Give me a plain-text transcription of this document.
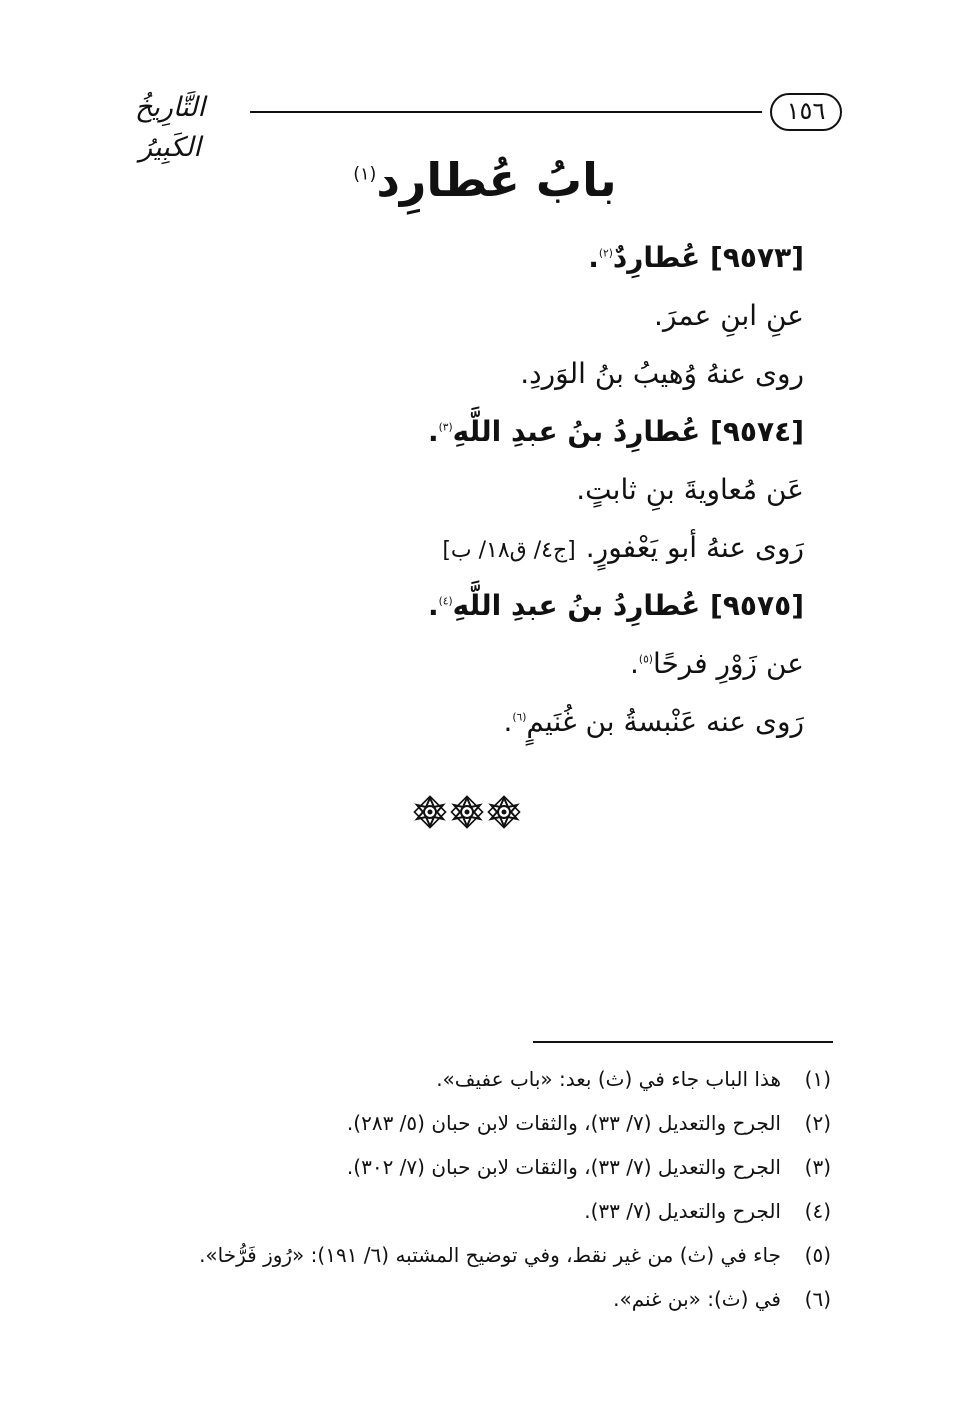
١٥٦
التَّارِيخُ الكَبِيرُ
بابُ عُطارِد$^{(١)}$
[٩٥٧٣] عُطارِدٌ$^{(٢)}$.
عنِ ابنِ عمرَ.
روى عنهُ وُهيبُ بنُ الوَردِ.
[٩٥٧٤] عُطارِدُ بنُ عبدِ اللَّهِ$^{(٣)}$.
عَن مُعاويةَ بنِ ثابتٍ.
رَوى عنهُ أبو يَعْفورٍ.[ج٤/ ق١٨/ ب]
[٩٥٧٥] عُطارِدُ بنُ عبدِ اللَّهِ$^{(٤)}$.
عن زَوْرِ فرحًا$^{(٥)}$.
رَوى عنه عَنْبسةُ بن غُنَيمٍ$^{(٦)}$.
(١)هذا الباب جاء في (ث) بعد: «باب عفيف».
(٢)الجرح والتعديل (٧/ ٣٣)، والثقات لابن حبان (٥/ ٢٨٣).
(٣)الجرح والتعديل (٧/ ٣٣)، والثقات لابن حبان (٧/ ٣٠٢).
(٤)الجرح والتعديل (٧/ ٣٣).
(٥)جاء في (ث) من غير نقط، وفي توضيح المشتبه (٦/ ١٩١): «رُوز فَرُّخا».
(٦)في (ث): «بن غنم».
